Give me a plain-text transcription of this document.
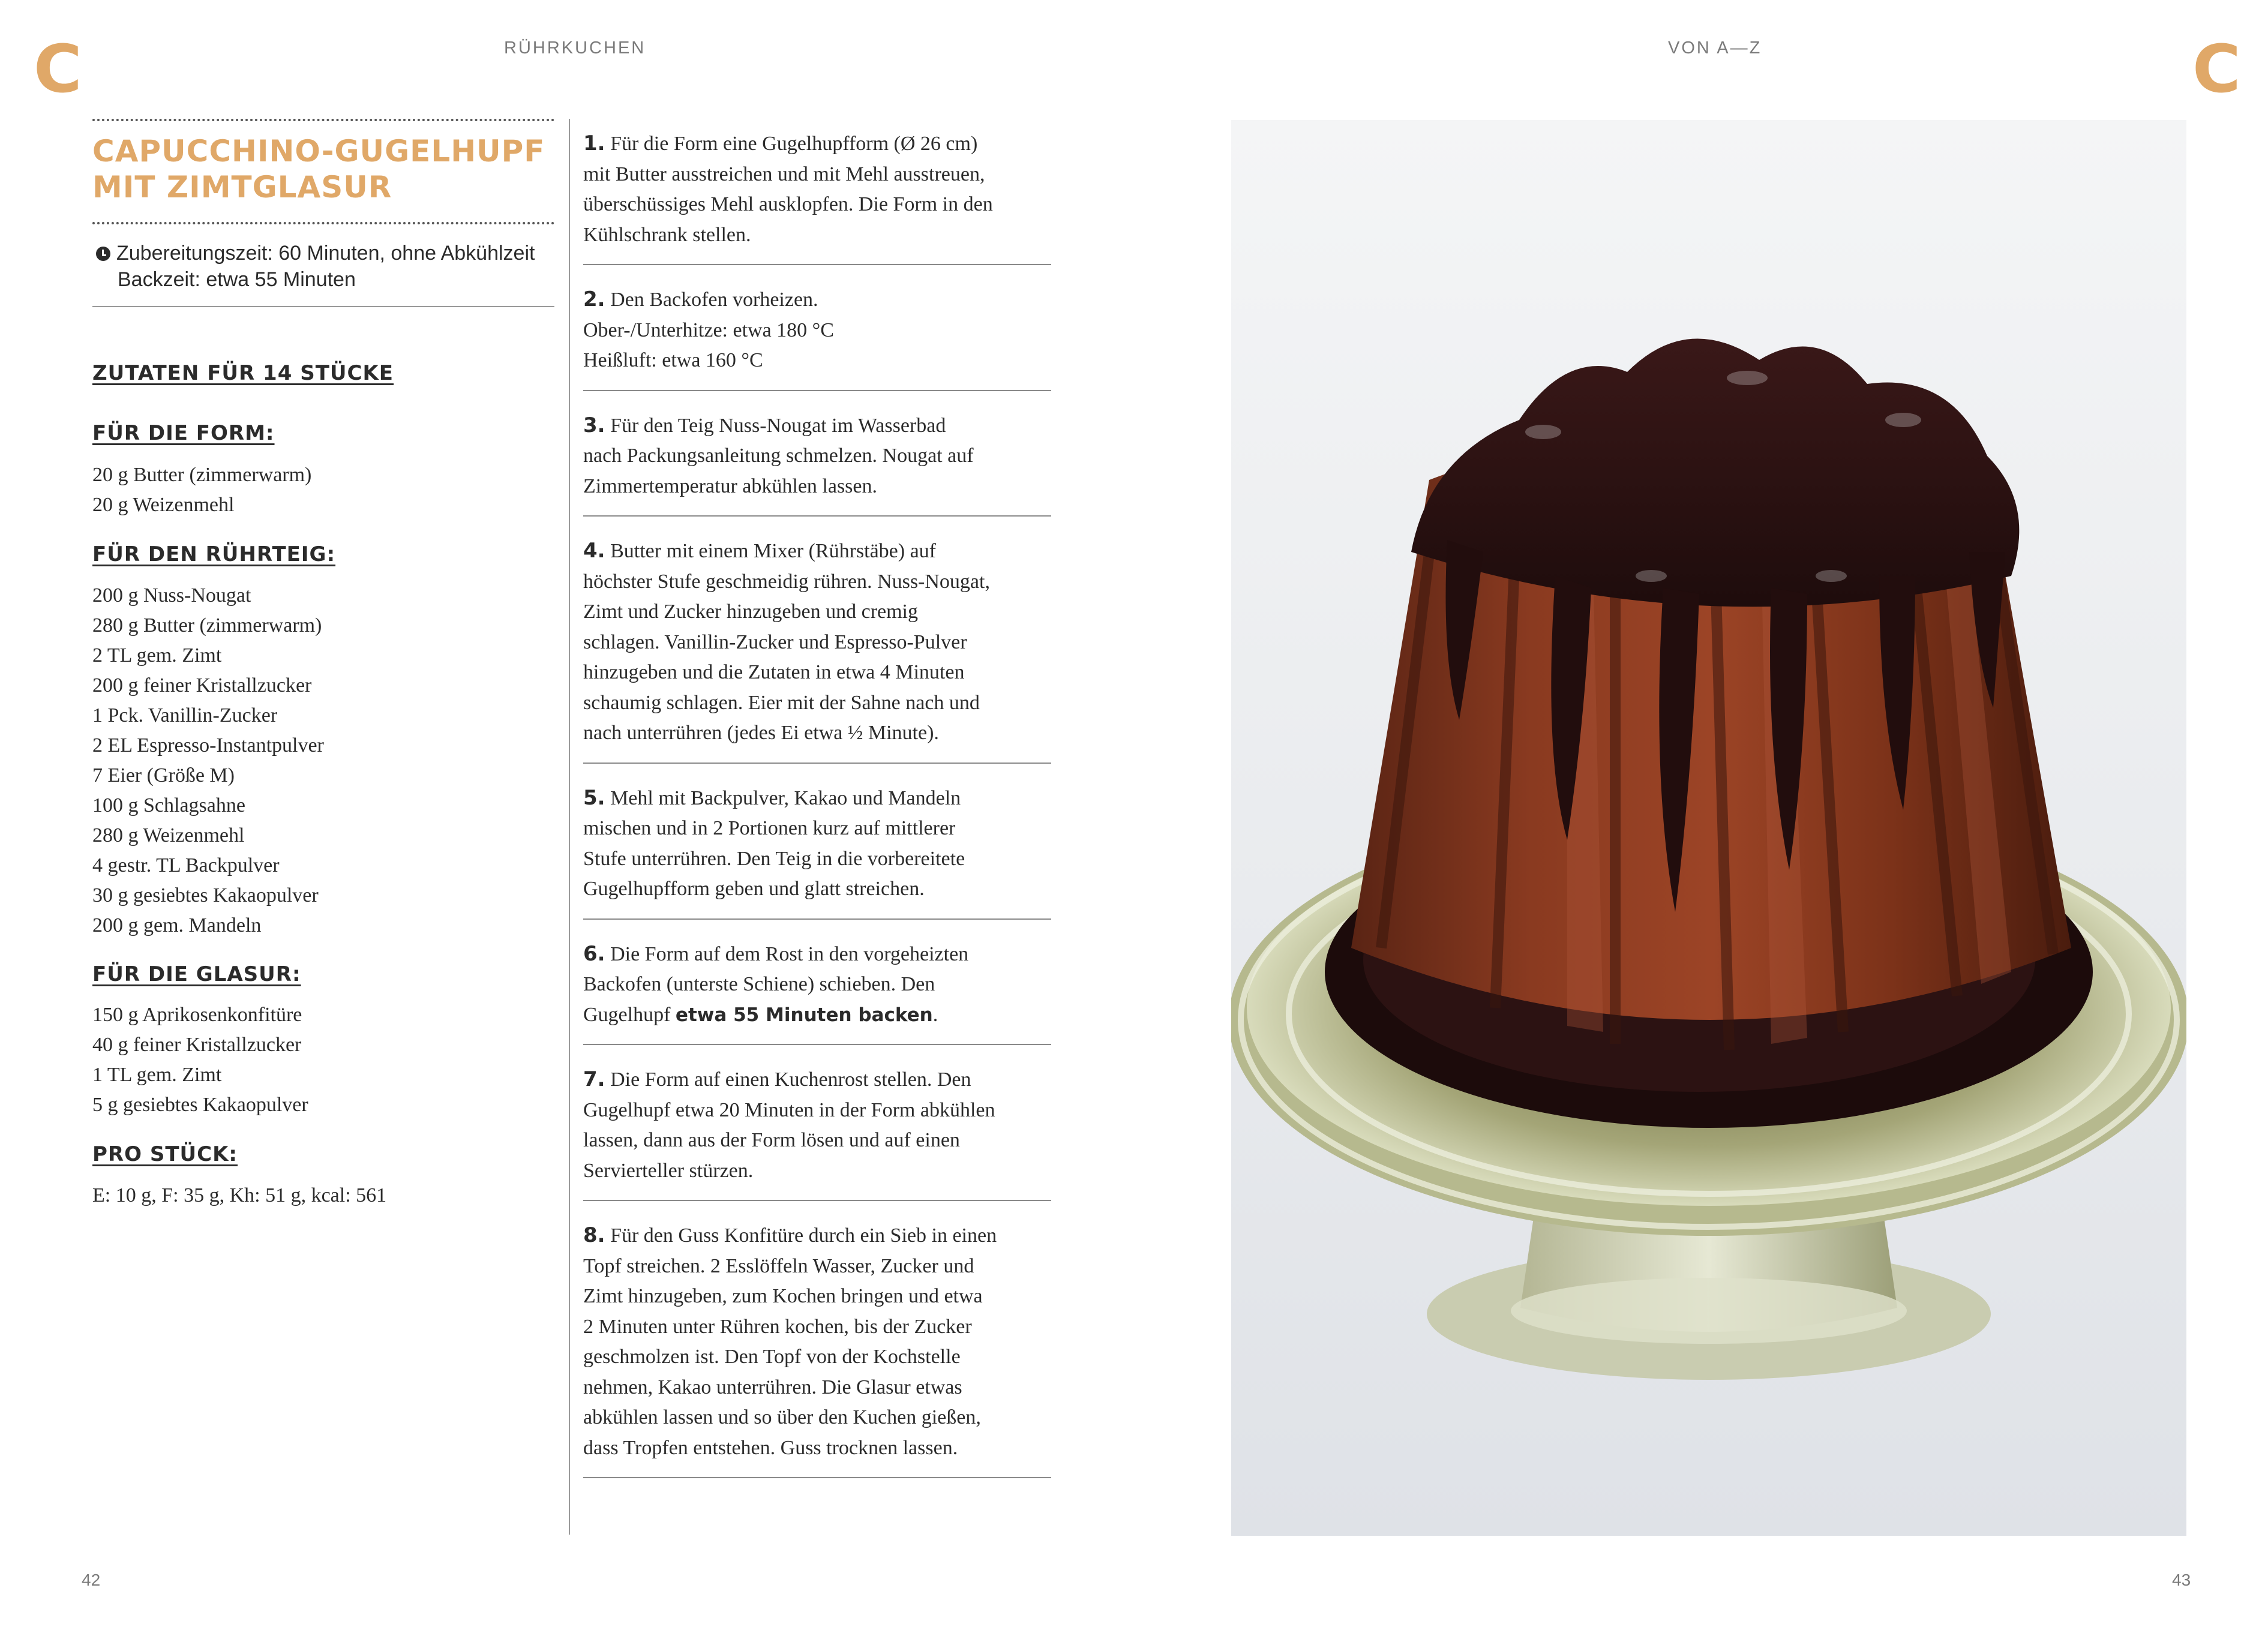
C	RÜHRKUCHEN	VON A—Z	C
CAPUCCHINO-GUGELHUPF
MIT ZIMTGLASUR
Zubereitungszeit: 60 Minuten, ohne Abkühlzeit
Backzeit: etwa 55 Minuten
ZUTATEN FÜR 14 STÜCKE
FÜR DIE FORM:
20 g Butter (zimmerwarm)
20 g Weizenmehl
FÜR DEN RÜHRTEIG:
200 g Nuss-Nougat
280 g Butter (zimmerwarm)
2 TL gem. Zimt
200 g feiner Kristallzucker
1 Pck. Vanillin-Zucker
2 EL Espresso-Instantpulver
7 Eier (Größe M)
100 g Schlagsahne
280 g Weizenmehl
4 gestr. TL Backpulver
30 g gesiebtes Kakaopulver
200 g gem. Mandeln
FÜR DIE GLASUR:
150 g Aprikosenkonfitüre
40 g feiner Kristallzucker
1 TL gem. Zimt
5 g gesiebtes Kakaopulver
PRO STÜCK:
E: 10 g, F: 35 g, Kh: 51 g, kcal: 561
1. Für die Form eine Gugelhupfform (Ø 26 cm)
mit Butter ausstreichen und mit Mehl ausstreuen,
überschüssiges Mehl ausklopfen. Die Form in den
Kühlschrank stellen.
2. Den Backofen vorheizen.
Ober-/Unterhitze: etwa 180 °C
Heißluft: etwa 160 °C
3. Für den Teig Nuss-Nougat im Wasserbad
nach Packungsanleitung schmelzen. Nougat auf
Zimmertemperatur abkühlen lassen.
4. Butter mit einem Mixer (Rührstäbe) auf
höchster Stufe geschmeidig rühren. Nuss-Nougat,
Zimt und Zucker hinzugeben und cremig
schlagen. Vanillin-Zucker und Espresso-Pulver
hinzugeben und die Zutaten in etwa 4 Minuten
schaumig schlagen. Eier mit der Sahne nach und
nach unterrühren (jedes Ei etwa ½ Minute).
5. Mehl mit Backpulver, Kakao und Mandeln
mischen und in 2 Portionen kurz auf mittlerer
Stufe unterrühren. Den Teig in die vorbereitete
Gugelhupfform geben und glatt streichen.
6. Die Form auf dem Rost in den vorgeheizten
Backofen (unterste Schiene) schieben. Den
Gugelhupf etwa 55 Minuten backen.
7. Die Form auf einen Kuchenrost stellen. Den
Gugelhupf etwa 20 Minuten in der Form abkühlen
lassen, dann aus der Form lösen und auf einen
Servierteller stürzen.
8. Für den Guss Konfitüre durch ein Sieb in einen
Topf streichen. 2 Esslöffeln Wasser, Zucker und
Zimt hinzugeben, zum Kochen bringen und etwa
2 Minuten unter Rühren kochen, bis der Zucker
geschmolzen ist. Den Topf von der Kochstelle
nehmen, Kakao unterrühren. Die Glasur etwas
abkühlen lassen und so über den Kuchen gießen,
dass Tropfen entstehen. Guss trocknen lassen.
42	43
